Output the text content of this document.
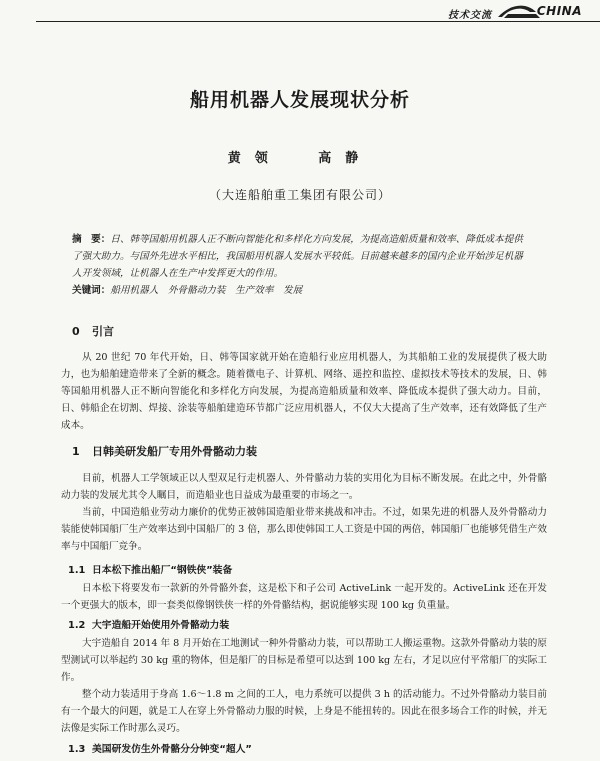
技术交流	CHINA
船用机器人发展现状分析
黄领	高静
（大连船舶重工集团有限公司）

摘　要：日、韩等国船用机器人正不断向智能化和多样化方向发展，为提高造船质量和效率、降低成本提供了强大助力。与国外先进水平相比，我国船用机器人发展水平较低。目前越来越多的国内企业开始涉足机器人开发领域，让机器人在生产中发挥更大的作用。

关键词：船用机器人　外骨骼动力装　生产效率　发展

0 引言

从 20 世纪 70 年代开始，日、韩等国家就开始在造船行业应用机器人，为其船舶工业的发展提供了极大助力，也为船舶建造带来了全新的概念。随着微电子、计算机、网络、遥控和监控、虚拟技术等技术的发展，日、韩等国船用机器人正不断向智能化和多样化方向发展，为提高造船质量和效率、降低成本提供了强大动力。目前，日、韩船企在切割、焊接、涂装等船舶建造环节都广泛应用机器人，不仅大大提高了生产效率，还有效降低了生产成本。

1 日韩美研发船厂专用外骨骼动力装

目前，机器人工学领域正以人型双足行走机器人、外骨骼动力装的实用化为目标不断发展。在此之中，外骨骼动力装的发展尤其令人瞩目，而造船业也日益成为最重要的市场之一。

当前，中国造船业劳动力廉价的优势正被韩国造船业带来挑战和冲击。不过，如果先进的机器人及外骨骼动力装能使韩国船厂生产效率达到中国船厂的 3 倍，那么即使韩国工人工资是中国的两倍，韩国船厂也能够凭借生产效率与中国船厂竞争。

1.1 日本松下推出船厂“钢铁侠”装备

日本松下将要发布一款新的外骨骼外套，这是松下和子公司 ActiveLink 一起开发的。ActiveLink 还在开发一个更强大的版本，即一套类似像钢铁侠一样的外骨骼结构，据说能够实现 100 kg 负重量。

1.2 大宇造船开始使用外骨骼动力装

大宇造船自 2014 年 8 月开始在工地测试一种外骨骼动力装，可以帮助工人搬运重物。这款外骨骼动力装的原型测试可以举起约 30 kg 重的物体，但是船厂的目标是希望可以达到 100 kg 左右，才足以应付平常船厂的实际工作。

整个动力装适用于身高 1.6～1.8 m 之间的工人，电力系统可以提供 3 h 的活动能力。不过外骨骼动力装目前有一个最大的问题，就是工人在穿上外骨骼动力服的时候，上身是不能扭转的。因此在很多场合工作的时候，并无法像是实际工作时那么灵巧。

1.3 美国研发仿生外骨骼分分钟变“超人”
